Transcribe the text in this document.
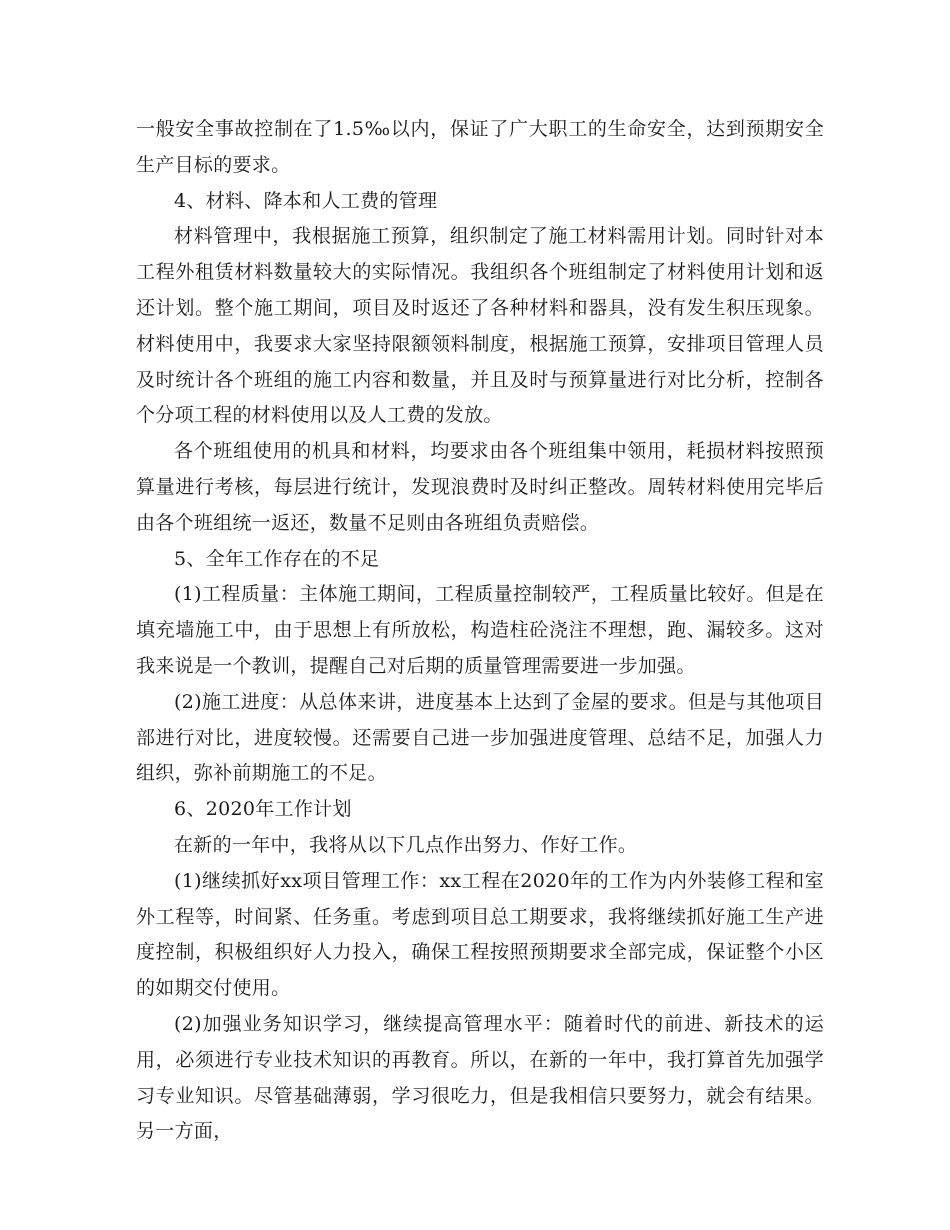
一般安全事故控制在了1.5‰以内，保证了广大职工的生命安全，达到预期安全生产目标的要求。

4、材料、降本和人工费的管理

材料管理中，我根据施工预算，组织制定了施工材料需用计划。同时针对本工程外租赁材料数量较大的实际情况。我组织各个班组制定了材料使用计划和返还计划。整个施工期间，项目及时返还了各种材料和器具，没有发生积压现象。材料使用中，我要求大家坚持限额领料制度，根据施工预算，安排项目管理人员及时统计各个班组的施工内容和数量，并且及时与预算量进行对比分析，控制各个分项工程的材料使用以及人工费的发放。

各个班组使用的机具和材料，均要求由各个班组集中领用，耗损材料按照预算量进行考核，每层进行统计，发现浪费时及时纠正整改。周转材料使用完毕后由各个班组统一返还，数量不足则由各班组负责赔偿。

5、全年工作存在的不足

(1)工程质量：主体施工期间，工程质量控制较严，工程质量比较好。但是在填充墙施工中，由于思想上有所放松，构造柱砼浇注不理想，跑、漏较多。这对我来说是一个教训，提醒自己对后期的质量管理需要进一步加强。

(2)施工进度：从总体来讲，进度基本上达到了金屋的要求。但是与其他项目部进行对比，进度较慢。还需要自己进一步加强进度管理、总结不足，加强人力组织，弥补前期施工的不足。

6、2020年工作计划

在新的一年中，我将从以下几点作出努力、作好工作。

(1)继续抓好xx项目管理工作：xx工程在2020年的工作为内外装修工程和室外工程等，时间紧、任务重。考虑到项目总工期要求，我将继续抓好施工生产进度控制，积极组织好人力投入，确保工程按照预期要求全部完成，保证整个小区的如期交付使用。

(2)加强业务知识学习，继续提高管理水平：随着时代的前进、新技术的运用，必须进行专业技术知识的再教育。所以，在新的一年中，我打算首先加强学习专业知识。尽管基础薄弱，学习很吃力，但是我相信只要努力，就会有结果。另一方面，
